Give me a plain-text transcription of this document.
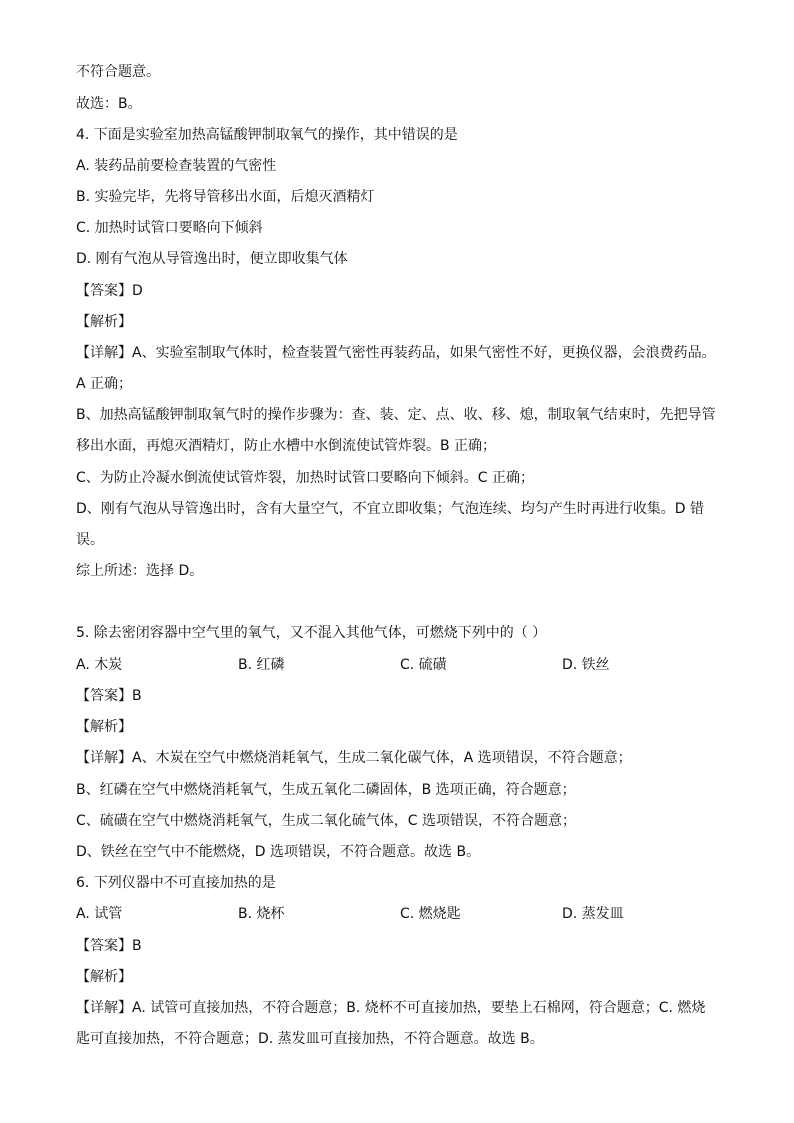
不符合题意。
故选：B。
4. 下面是实验室加热高锰酸钾制取氧气的操作，其中错误的是
A. 装药品前要检查装置的气密性
B. 实验完毕，先将导管移出水面，后熄灭酒精灯
C. 加热时试管口要略向下倾斜
D. 刚有气泡从导管逸出时，便立即收集气体
【答案】D
【解析】
【详解】A、实验室制取气体时，检查装置气密性再装药品，如果气密性不好，更换仪器，会浪费药品。
A 正确；
B、加热高锰酸钾制取氧气时的操作步骤为：查、装、定、点、收、移、熄，制取氧气结束时，先把导管
移出水面，再熄灭酒精灯，防止水槽中水倒流使试管炸裂。B 正确；
C、为防止冷凝水倒流使试管炸裂，加热时试管口要略向下倾斜。C 正确；
D、刚有气泡从导管逸出时，含有大量空气，不宜立即收集；气泡连续、均匀产生时再进行收集。D 错
误。
综上所述：选择 D。
5. 除去密闭容器中空气里的氧气，又不混入其他气体，可燃烧下列中的（ ）
A. 木炭	B. 红磷	C. 硫磺	D. 铁丝
【答案】B
【解析】
【详解】A、木炭在空气中燃烧消耗氧气，生成二氧化碳气体，A 选项错误，不符合题意；
B、红磷在空气中燃烧消耗氧气，生成五氧化二磷固体，B 选项正确，符合题意；
C、硫磺在空气中燃烧消耗氧气，生成二氧化硫气体，C 选项错误，不符合题意；
D、铁丝在空气中不能燃烧，D 选项错误，不符合题意。故选 B。
6. 下列仪器中不可直接加热的是
A. 试管	B. 烧杯	C. 燃烧匙	D. 蒸发皿
【答案】B
【解析】
【详解】A. 试管可直接加热，不符合题意；B. 烧杯不可直接加热，要垫上石棉网，符合题意；C. 燃烧
匙可直接加热，不符合题意；D. 蒸发皿可直接加热，不符合题意。故选 B。
